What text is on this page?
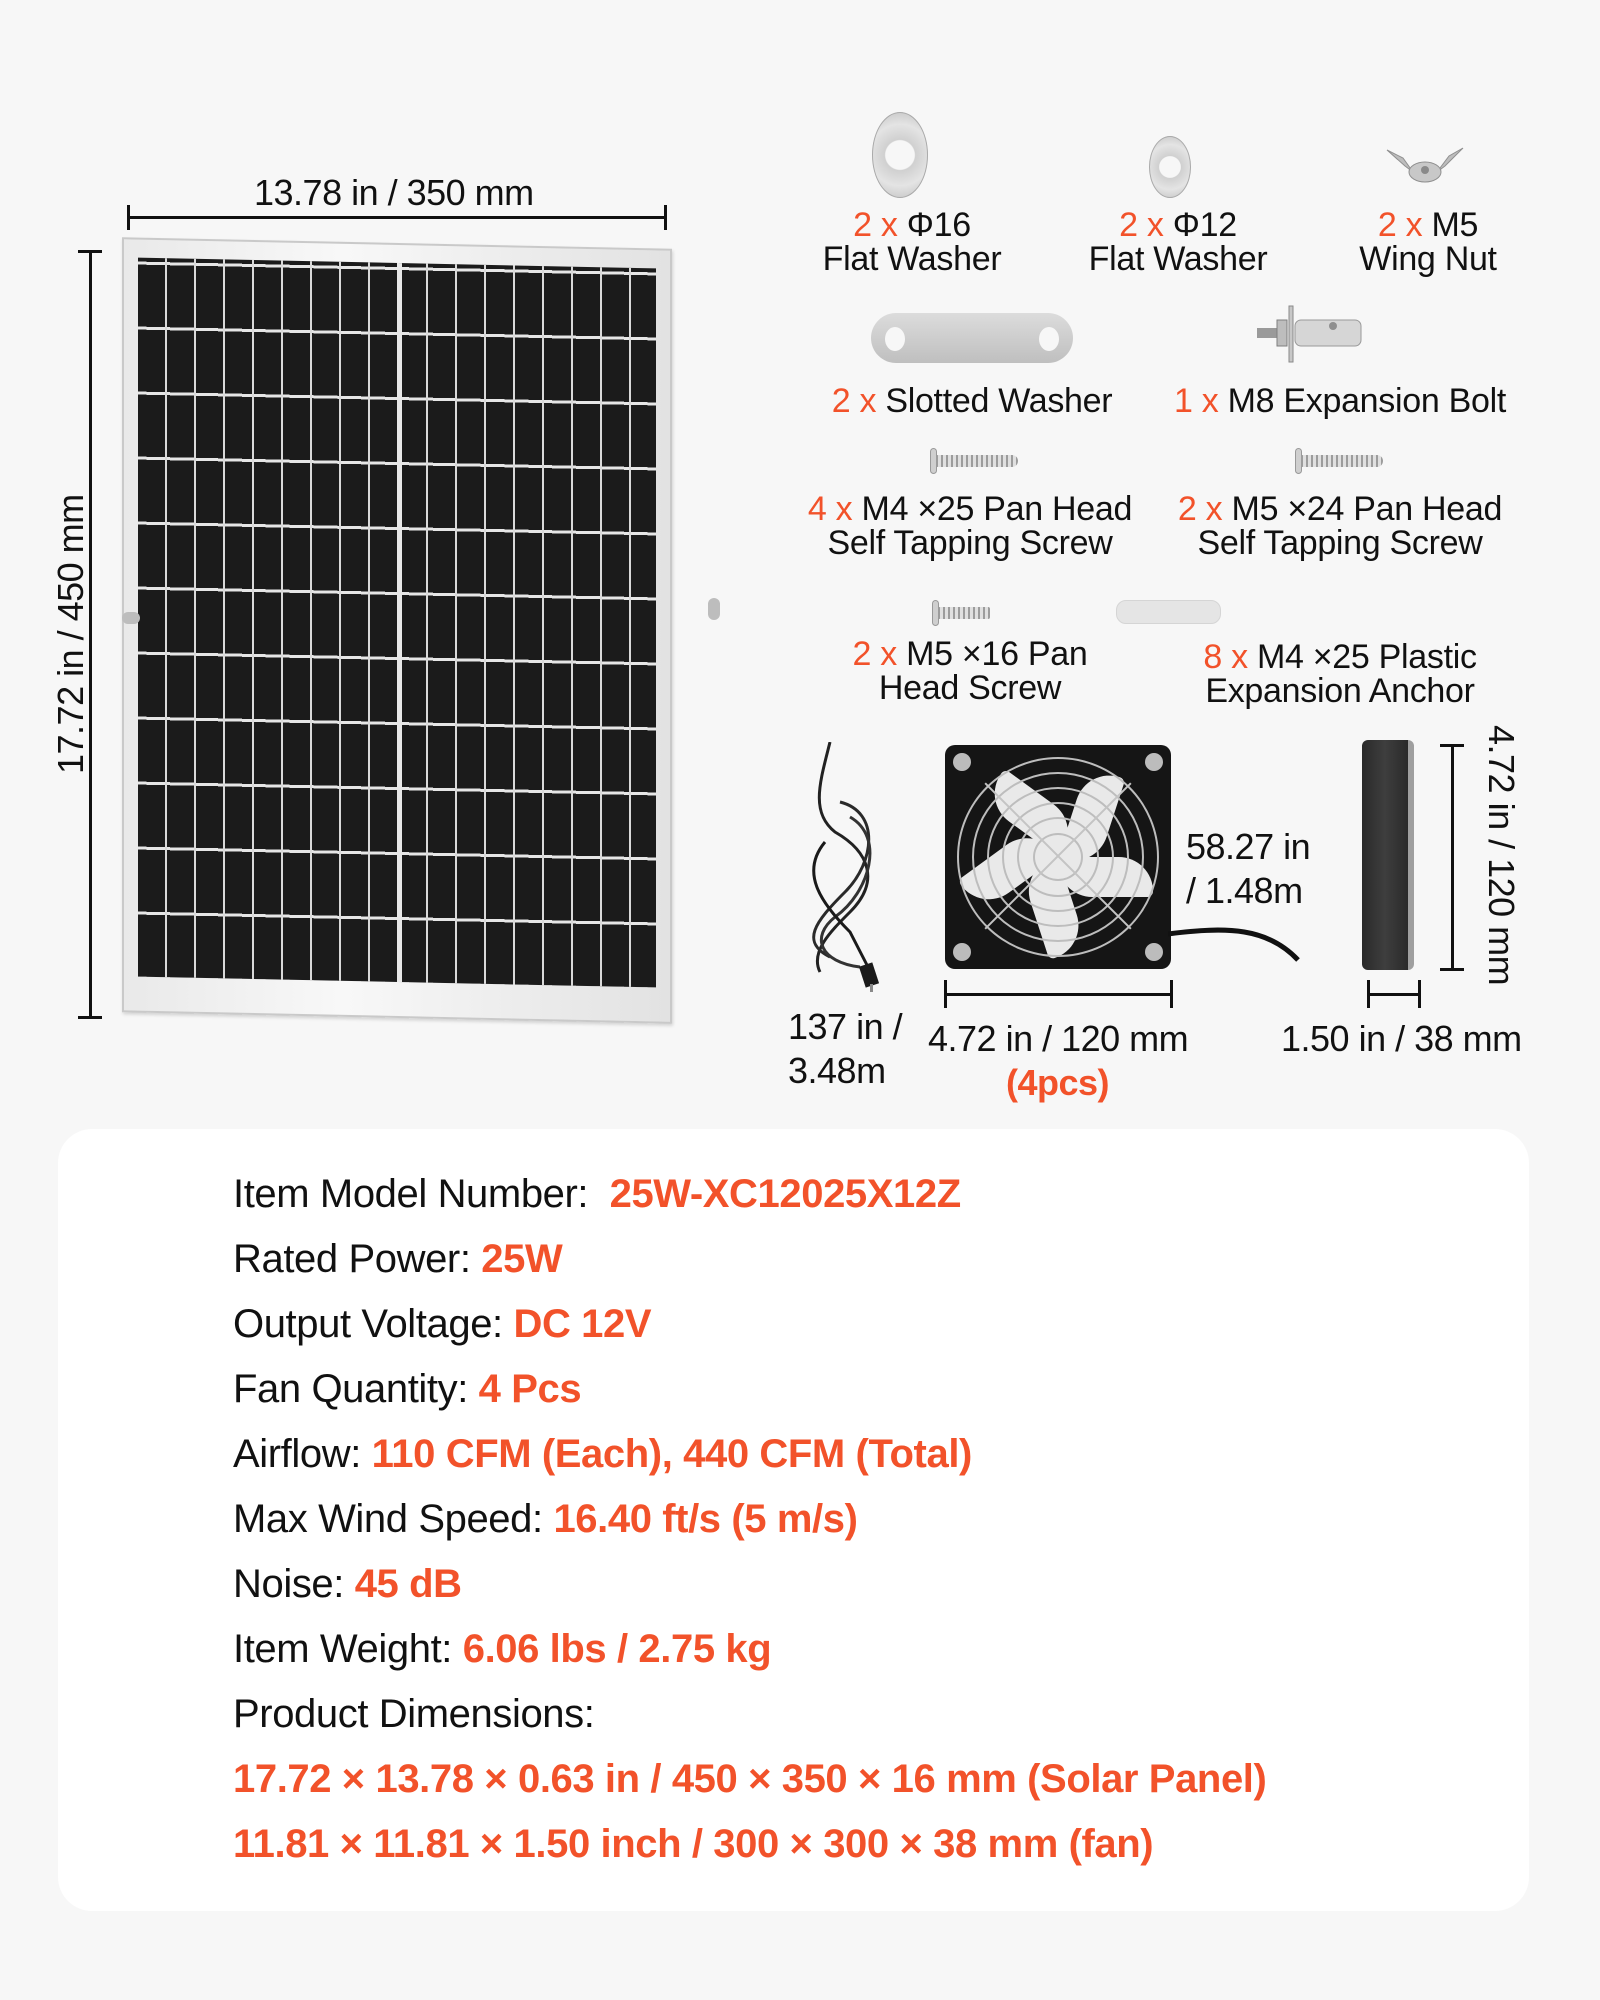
13.78 in / 350 mm
17.72 in / 450 mm
2 x Φ16
Flat Washer
2 x Φ12
Flat Washer
2 x M5
Wing Nut
2 x Slotted Washer	1 x M8 Expansion Bolt
4 x M4 ×25 Pan Head
Self Tapping Screw
2 x M5 ×24 Pan Head
Self Tapping Screw
2 x M5 ×16 Pan
Head Screw
8 x M4 ×25 Plastic
Expansion Anchor
137 in /
3.48m
58.27 in
/ 1.48m
4.72 in / 120 mm
(4pcs)
4.72 in / 120 mm
1.50 in / 38 mm
Item Model Number: 25W-XC12025X12Z
Rated Power: 25W
Output Voltage: DC 12V
Fan Quantity: 4 Pcs
Airflow: 110 CFM (Each), 440 CFM (Total)
Max Wind Speed: 16.40 ft/s (5 m/s)
Noise: 45 dB
Item Weight: 6.06 lbs / 2.75 kg
Product Dimensions:
17.72 × 13.78 × 0.63 in / 450 × 350 × 16 mm (Solar Panel)
11.81 × 11.81 × 1.50 inch / 300 × 300 × 38 mm (fan)
